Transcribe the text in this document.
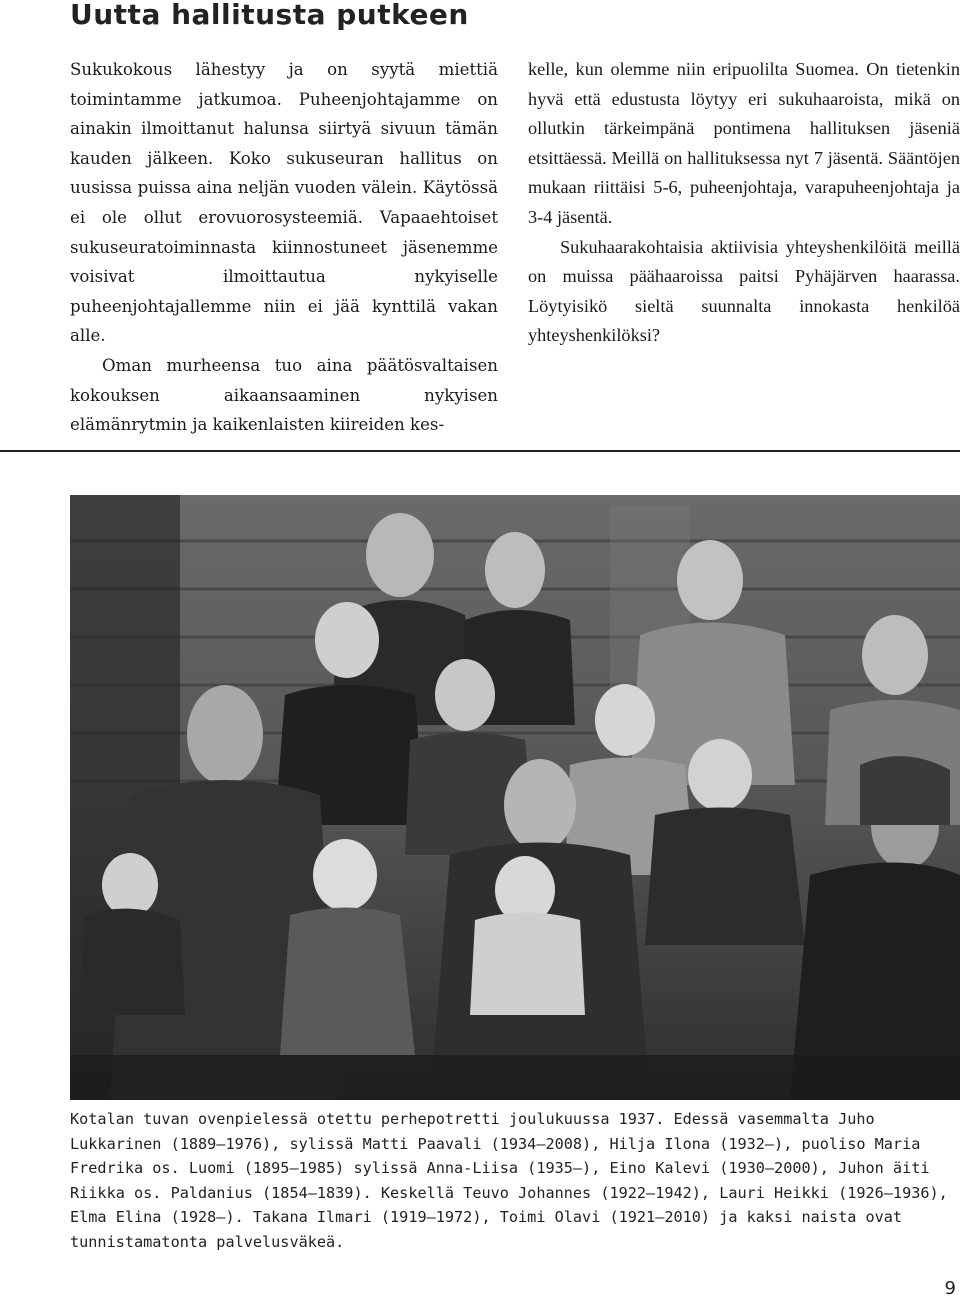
Uutta hallitusta putkeen

Sukukokous lähestyy ja on syytä miettiä toimintamme jatkumoa. Puheenjohtajamme on ainakin ilmoittanut halunsa siirtyä sivuun tämän kauden jälkeen. Koko sukuseuran hallitus on uusissa puissa aina neljän vuoden välein. Käytössä ei ole ollut erovuorosysteemiä. Vapaaehtoiset sukuseuratoiminnasta kiinnostuneet jäsenemme voisivat ilmoittautua nykyiselle puheenjohtajallemme niin ei jää kynttilä vakan alle.

Oman murheensa tuo aina päätösvaltaisen kokouksen aikaansaaminen nykyisen elämänrytmin ja kaikenlaisten kiireiden kes-

kelle, kun olemme niin eripuolilta Suomea. On tietenkin hyvä että edustusta löytyy eri sukuhaaroista, mikä on ollutkin tärkeimpänä pontimena hallituksen jäseniä etsittäessä. Meillä on hallituksessa nyt 7 jäsentä. Sääntöjen mukaan riittäisi 5-6, puheenjohtaja, varapuheenjohtaja ja 3-4 jäsentä.

Sukuhaarakohtaisia aktiivisia yhteyshenkilöitä meillä on muissa päähaaroissa paitsi Pyhäjärven haarassa. Löytyisikö sieltä suunnalta innokasta henkilöä yhteyshenkilöksi?

Kotalan tuvan ovenpielessä otettu perhepotretti joulukuussa 1937. Edessä vasemmalta Juho Lukkarinen (1889–1976), sylissä Matti Paavali (1934–2008), Hilja Ilona (1932–), puoliso Maria Fredrika os. Luomi (1895–1985) sylissä Anna-Liisa (1935–), Eino Kalevi (1930–2000), Juhon äiti Riikka os. Paldanius (1854–1839). Keskellä Teuvo Johannes (1922–1942), Lauri Heikki (1926–1936), Elma Elina (1928–). Takana Ilmari (1919–1972), Toimi Olavi (1921–2010) ja kaksi naista ovat tunnistamatonta palvelusväkeä.

9
